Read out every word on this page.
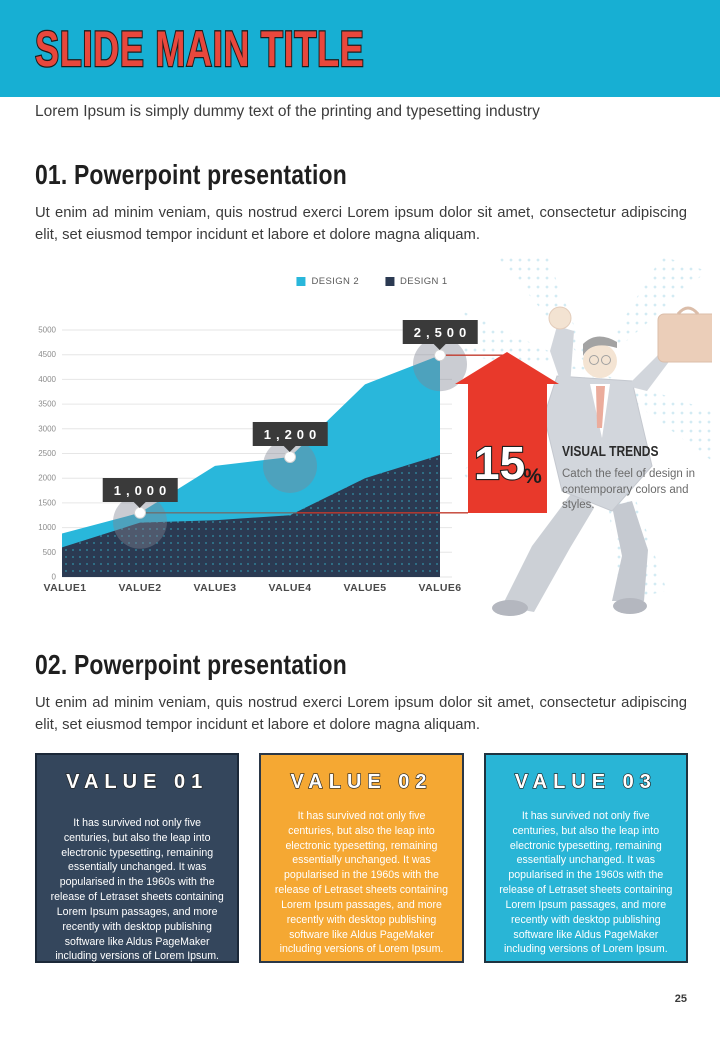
SLIDE MAIN TITLE
Lorem Ipsum is simply dummy text of the printing and typesetting industry
01. Powerpoint presentation
Ut enim ad minim veniam, quis nostrud exerci Lorem ipsum dolor sit amet, consectetur adipiscing elit, set eiusmod tempor incidunt et labore et dolore magna aliquam.
0
500
1000
1500
2000
2500
3000
3500
4000
4500
5000
DESIGN 2	DESIGN 1
1,000
1,200
2,500
VALUE1	VALUE2	VALUE3	VALUE4	VALUE5	VALUE6
15%
VISUAL TRENDS
Catch the feel of design in contemporary colors and styles.
02. Powerpoint presentation
Ut enim ad minim veniam, quis nostrud exerci Lorem ipsum dolor sit amet, consectetur adipiscing elit, set eiusmod tempor incidunt et labore et dolore magna aliquam.
VALUE 01
It has survived not only five centuries, but also the leap into electronic typesetting, remaining essentially unchanged. It was popularised in the 1960s with the release of Letraset sheets containing Lorem Ipsum passages, and more recently with desktop publishing software like Aldus PageMaker including versions of Lorem Ipsum.
VALUE 02
It has survived not only five centuries, but also the leap into electronic typesetting, remaining essentially unchanged. It was popularised in the 1960s with the release of Letraset sheets containing Lorem Ipsum passages, and more recently with desktop publishing software like Aldus PageMaker including versions of Lorem Ipsum.
VALUE 03
It has survived not only five centuries, but also the leap into electronic typesetting, remaining essentially unchanged. It was popularised in the 1960s with the release of Letraset sheets containing Lorem Ipsum passages, and more recently with desktop publishing software like Aldus PageMaker including versions of Lorem Ipsum.
25
